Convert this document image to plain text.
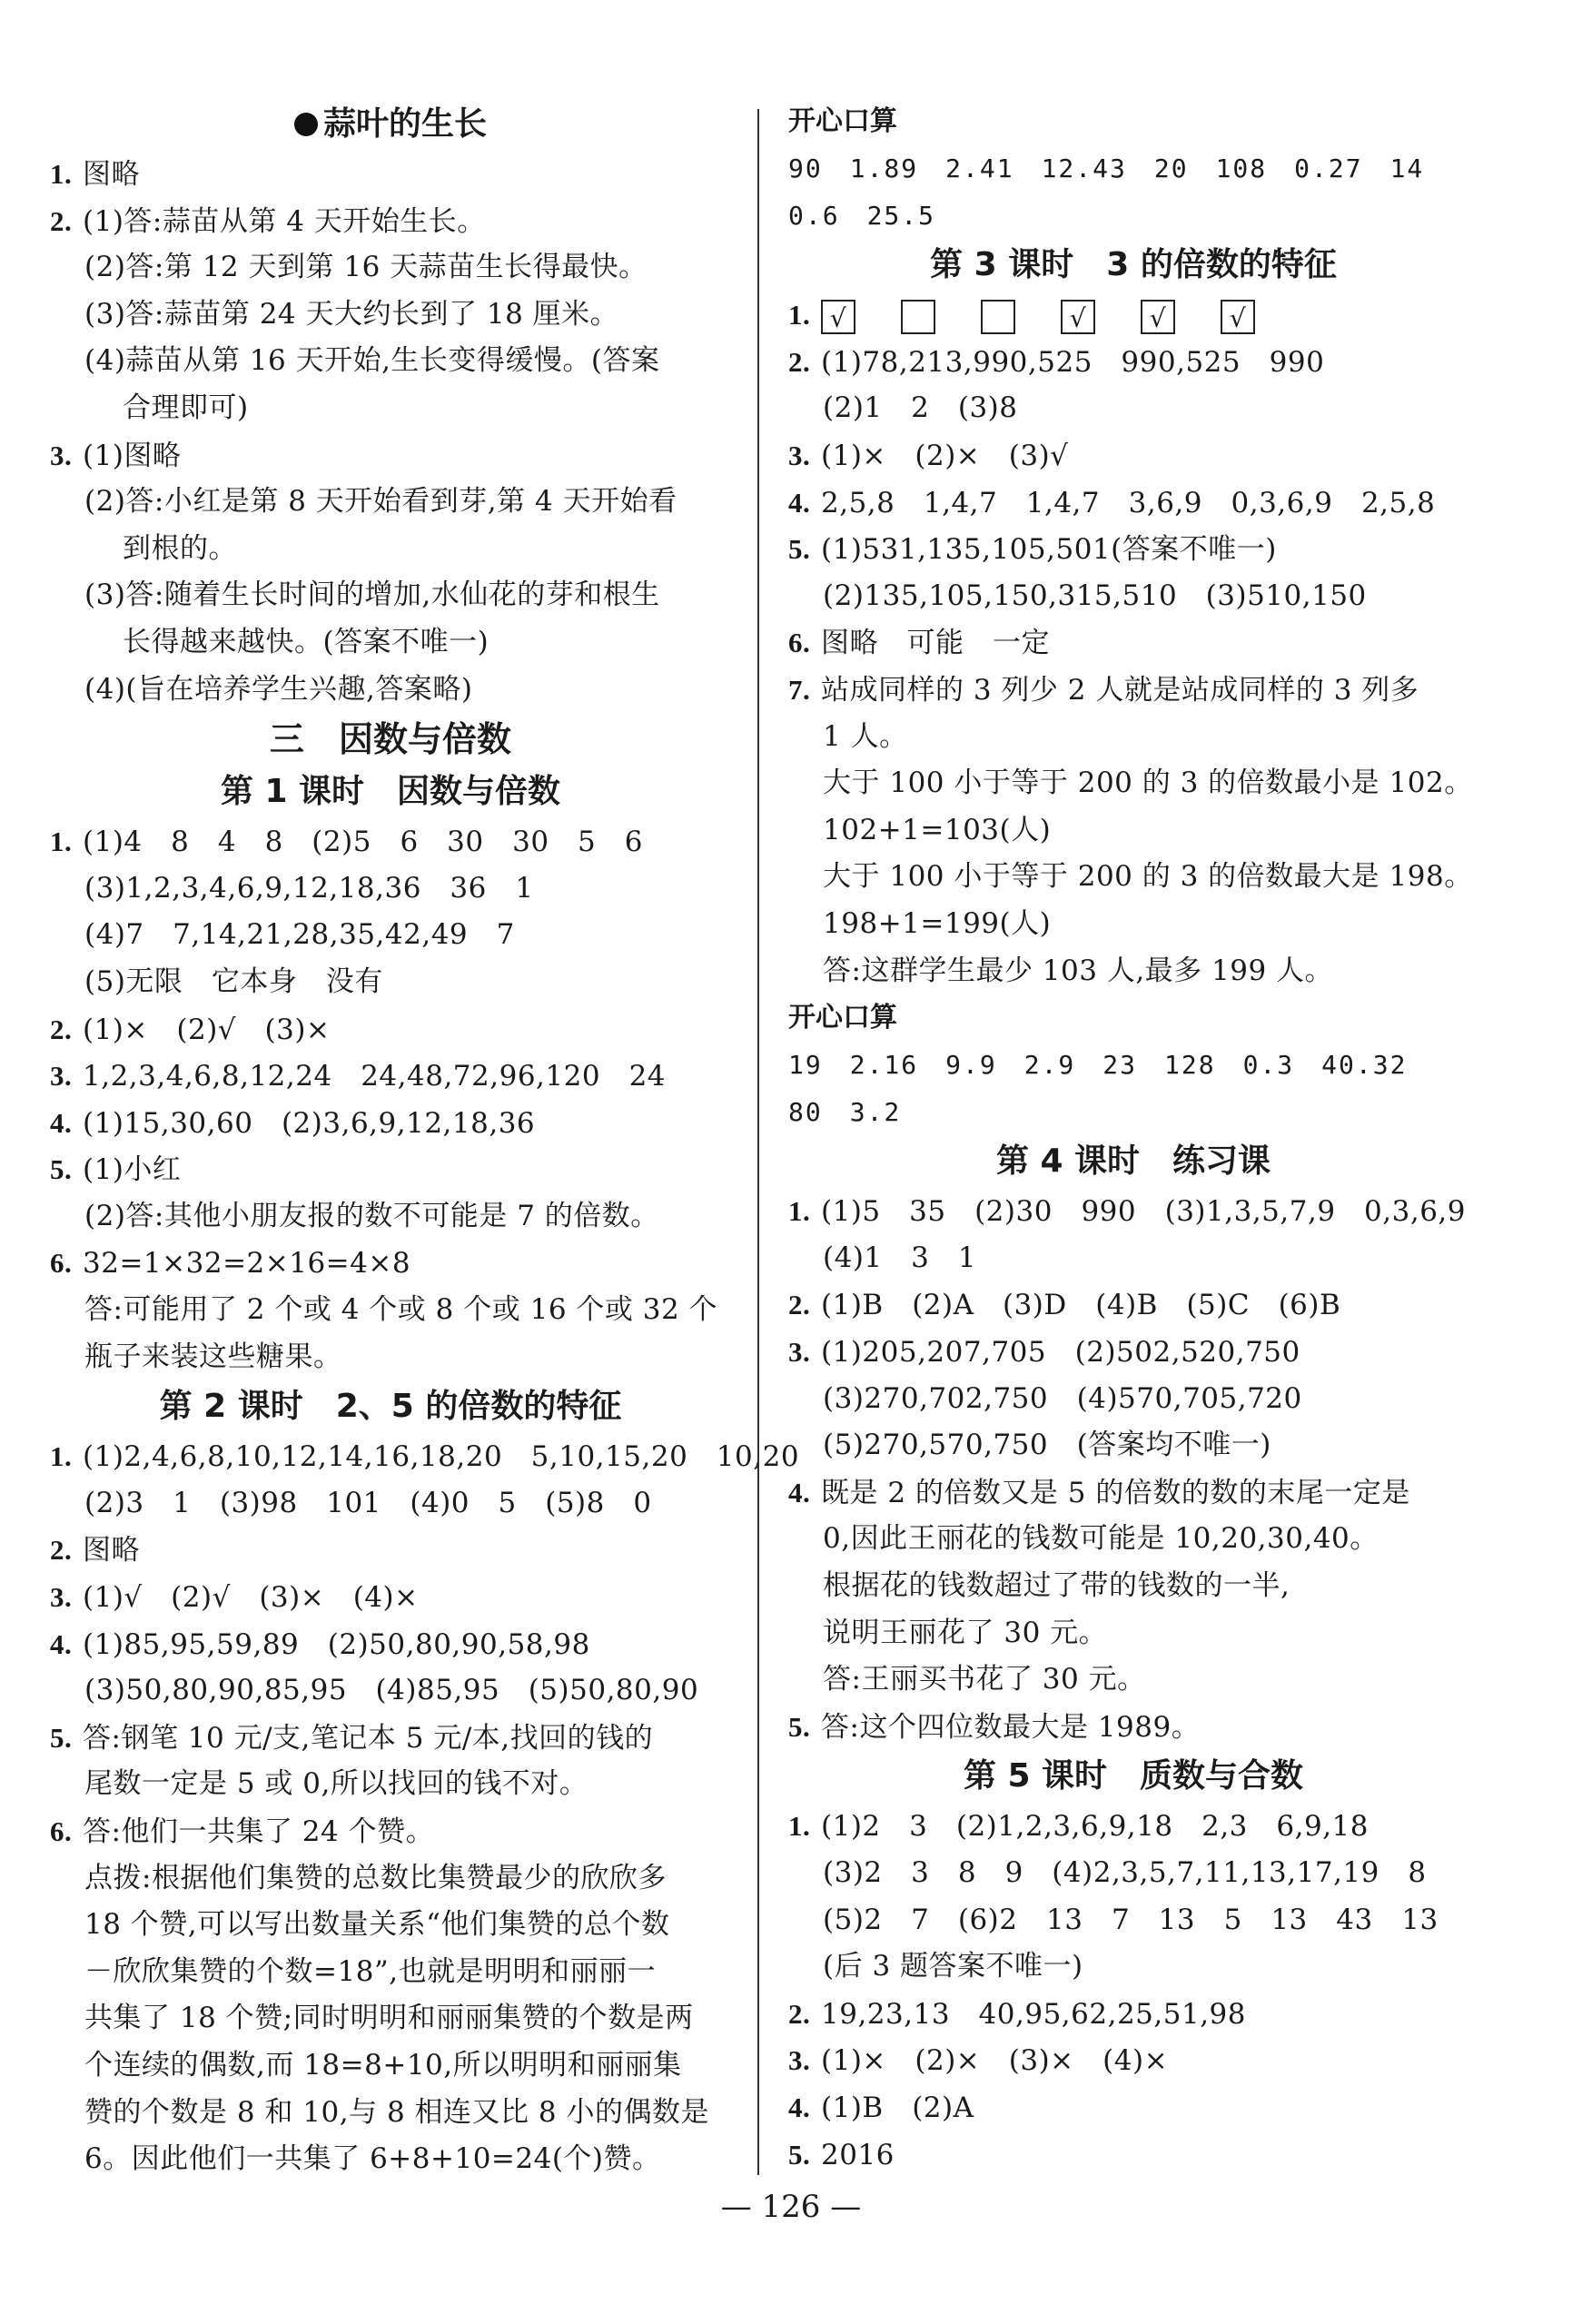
蒜叶的生长
1. 图略
2. (1)答:蒜苗从第 4 天开始生长。
(2)答:第 12 天到第 16 天蒜苗生长得最快。
(3)答:蒜苗第 24 天大约长到了 18 厘米。
(4)蒜苗从第 16 天开始,生长变得缓慢。(答案
合理即可)
3. (1)图略
(2)答:小红是第 8 天开始看到芽,第 4 天开始看
到根的。
(3)答:随着生长时间的增加,水仙花的芽和根生
长得越来越快。(答案不唯一)
(4)(旨在培养学生兴趣,答案略)
三　因数与倍数
第 1 课时　因数与倍数
1. (1)4　8　4　8　(2)5　6　30　30　5　6
(3)1,2,3,4,6,9,12,18,36　36　1
(4)7　7,14,21,28,35,42,49　7
(5)无限　它本身　没有
2. (1)×　(2)√　(3)×
3. 1,2,3,4,6,8,12,24　24,48,72,96,120　24
4. (1)15,30,60　(2)3,6,9,12,18,36
5. (1)小红
(2)答:其他小朋友报的数不可能是 7 的倍数。
6. 32=1×32=2×16=4×8
答:可能用了 2 个或 4 个或 8 个或 16 个或 32 个
瓶子来装这些糖果。
第 2 课时　2、5 的倍数的特征
1. (1)2,4,6,8,10,12,14,16,18,20　5,10,15,20　10,20
(2)3　1　(3)98　101　(4)0　5　(5)8　0
2. 图略
3. (1)√　(2)√　(3)×　(4)×
4. (1)85,95,59,89　(2)50,80,90,58,98
(3)50,80,90,85,95　(4)85,95　(5)50,80,90
5. 答:钢笔 10 元/支,笔记本 5 元/本,找回的钱的
尾数一定是 5 或 0,所以找回的钱不对。
6. 答:他们一共集了 24 个赞。
点拨:根据他们集赞的总数比集赞最少的欣欣多
18 个赞,可以写出数量关系“他们集赞的总个数
－欣欣集赞的个数=18”,也就是明明和丽丽一
共集了 18 个赞;同时明明和丽丽集赞的个数是两
个连续的偶数,而 18=8+10,所以明明和丽丽集
赞的个数是 8 和 10,与 8 相连又比 8 小的偶数是
6。因此他们一共集了 6+8+10=24(个)赞。
开心口算
90　1.89　2.41　12.43　20　108　0.27　14
0.6　25.5
第 3 课时　3 的倍数的特征
1. √	√ √ √
2. (1)78,213,990,525　990,525　990
(2)1　2　(3)8
3. (1)×　(2)×　(3)√
4. 2,5,8　1,4,7　1,4,7　3,6,9　0,3,6,9　2,5,8
5. (1)531,135,105,501(答案不唯一)
(2)135,105,150,315,510　(3)510,150
6. 图略　可能　一定
7. 站成同样的 3 列少 2 人就是站成同样的 3 列多
1 人。
大于 100 小于等于 200 的 3 的倍数最小是 102。
102+1=103(人)
大于 100 小于等于 200 的 3 的倍数最大是 198。
198+1=199(人)
答:这群学生最少 103 人,最多 199 人。
开心口算
19　2.16　9.9　2.9　23　128　0.3　40.32
80　3.2
第 4 课时　练习课
1. (1)5　35　(2)30　990　(3)1,3,5,7,9　0,3,6,9
(4)1　3　1
2. (1)B　(2)A　(3)D　(4)B　(5)C　(6)B
3. (1)205,207,705　(2)502,520,750
(3)270,702,750　(4)570,705,720
(5)270,570,750　(答案均不唯一)
4. 既是 2 的倍数又是 5 的倍数的数的末尾一定是
0,因此王丽花的钱数可能是 10,20,30,40。
根据花的钱数超过了带的钱数的一半,
说明王丽花了 30 元。
答:王丽买书花了 30 元。
5. 答:这个四位数最大是 1989。
第 5 课时　质数与合数
1. (1)2　3　(2)1,2,3,6,9,18　2,3　6,9,18
(3)2　3　8　9　(4)2,3,5,7,11,13,17,19　8
(5)2　7　(6)2　13　7　13　5　13　43　13
(后 3 题答案不唯一)
2. 19,23,13　40,95,62,25,51,98
3. (1)×　(2)×　(3)×　(4)×
4. (1)B　(2)A
5. 2016
— 126 —
